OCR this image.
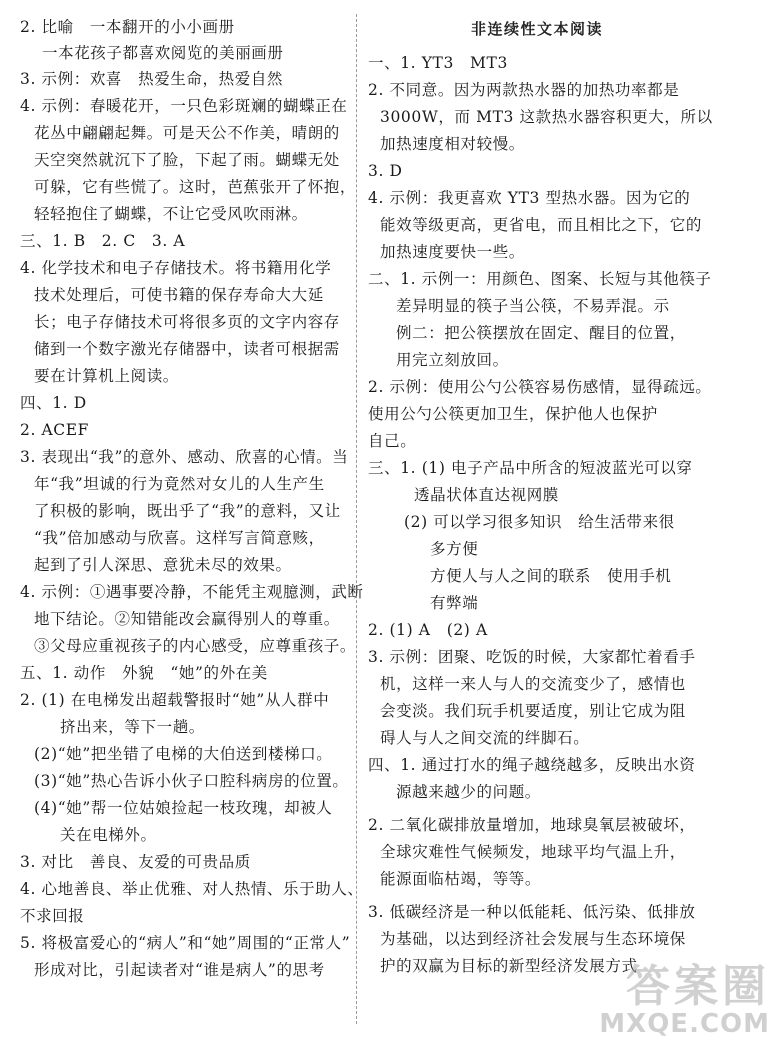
2. 比喻　一本翻开的小小画册
一本花孩子都喜欢阅览的美丽画册
3. 示例：欢喜　热爱生命，热爱自然
4. 示例：春暖花开，一只色彩斑斓的蝴蝶正在
花丛中翩翩起舞。可是天公不作美，晴朗的
天空突然就沉下了脸，下起了雨。蝴蝶无处
可躲，它有些慌了。这时，芭蕉张开了怀抱，
轻轻抱住了蝴蝶，不让它受风吹雨淋。
三、1. B　2. C　3. A
4. 化学技术和电子存储技术。将书籍用化学
技术处理后，可使书籍的保存寿命大大延
长；电子存储技术可将很多页的文字内容存
储到一个数字激光存储器中，读者可根据需
要在计算机上阅读。
四、1. D
2. ACEF
3. 表现出“我”的意外、感动、欣喜的心情。当
年“我”坦诚的行为竟然对女儿的人生产生
了积极的影响，既出乎了“我”的意料，又让
“我”倍加感动与欣喜。这样写言简意赅，
起到了引人深思、意犹未尽的效果。
4. 示例：①遇事要冷静，不能凭主观臆测，武断
地下结论。②知错能改会赢得别人的尊重。
③父母应重视孩子的内心感受，应尊重孩子。
五、1. 动作　外貌　“她”的外在美
2. (1) 在电梯发出超载警报时“她”从人群中
挤出来，等下一趟。
(2)“她”把坐错了电梯的大伯送到楼梯口。
(3)“她”热心告诉小伙子口腔科病房的位置。
(4)“她”帮一位姑娘捡起一枝玫瑰，却被人
关在电梯外。
3. 对比　善良、友爱的可贵品质
4. 心地善良、举止优雅、对人热情、乐于助人、
不求回报
5. 将极富爱心的“病人”和“她”周围的“正常人”
形成对比，引起读者对“谁是病人”的思考
非连续性文本阅读
一、1. YT3　MT3
2. 不同意。因为两款热水器的加热功率都是
3000W，而 MT3 这款热水器容积更大，所以
加热速度相对较慢。
3. D
4. 示例：我更喜欢 YT3 型热水器。因为它的
能效等级更高，更省电，而且相比之下，它的
加热速度要快一些。
二、1. 示例一：用颜色、图案、长短与其他筷子
差异明显的筷子当公筷，不易弄混。示
例二：把公筷摆放在固定、醒目的位置，
用完立刻放回。
2. 示例：使用公勺公筷容易伤感情，显得疏远。
使用公勺公筷更加卫生，保护他人也保护
自己。
三、1. (1) 电子产品中所含的短波蓝光可以穿
透晶状体直达视网膜
(2) 可以学习很多知识　给生活带来很
多方便
方便人与人之间的联系　使用手机
有弊端
2. (1) A　(2) A
3. 示例：团聚、吃饭的时候，大家都忙着看手
机，这样一来人与人的交流变少了，感情也
会变淡。我们玩手机要适度，别让它成为阻
碍人与人之间交流的绊脚石。
四、1. 通过打水的绳子越绕越多，反映出水资
源越来越少的问题。
2. 二氧化碳排放量增加，地球臭氧层被破坏，
全球灾难性气候频发，地球平均气温上升，
能源面临枯竭，等等。
3. 低碳经济是一种以低能耗、低污染、低排放
为基础，以达到经济社会发展与生态环境保
护的双赢为目标的新型经济发展方式
答案圈
MXQE.COM
